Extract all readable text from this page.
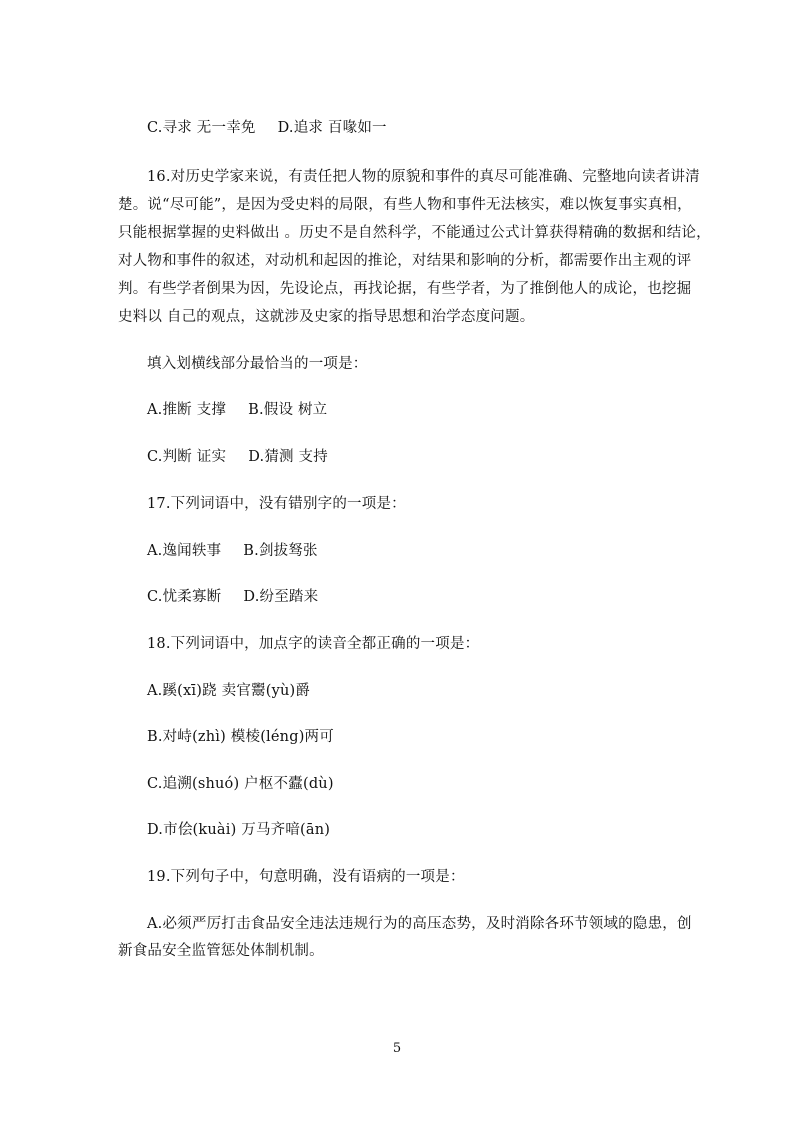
C.寻求 无一幸免 D.追求 百喙如一
16.对历史学家来说，有责任把人物的原貌和事件的真尽可能准确、完整地向读者讲清
楚。说“尽可能”，是因为受史料的局限，有些人物和事件无法核实，难以恢复事实真相，
只能根据掌握的史料做出 。历史不是自然科学，不能通过公式计算获得精确的数据和结论，
对人物和事件的叙述，对动机和起因的推论，对结果和影响的分析，都需要作出主观的评
判。有些学者倒果为因，先设论点，再找论据，有些学者，为了推倒他人的成论，也挖掘
史料以 自己的观点，这就涉及史家的指导思想和治学态度问题。
填入划横线部分最恰当的一项是：
A.推断 支撑 B.假设 树立
C.判断 证实 D.猜测 支持
17.下列词语中，没有错别字的一项是：
A.逸闻轶事 B.剑拔驽张
C.忧柔寡断 D.纷至踏来
18.下列词语中，加点字的读音全都正确的一项是：
A.蹊(xī)跷 卖官鬻(yù)爵
B.对峙(zhì) 模棱(léng)两可
C.追溯(shuó) 户枢不蠹(dù)
D.市侩(kuài) 万马齐喑(ān)
19.下列句子中，句意明确，没有语病的一项是：
A.必须严厉打击食品安全违法违规行为的高压态势，及时消除各环节领域的隐患，创
新食品安全监管惩处体制机制。
5
